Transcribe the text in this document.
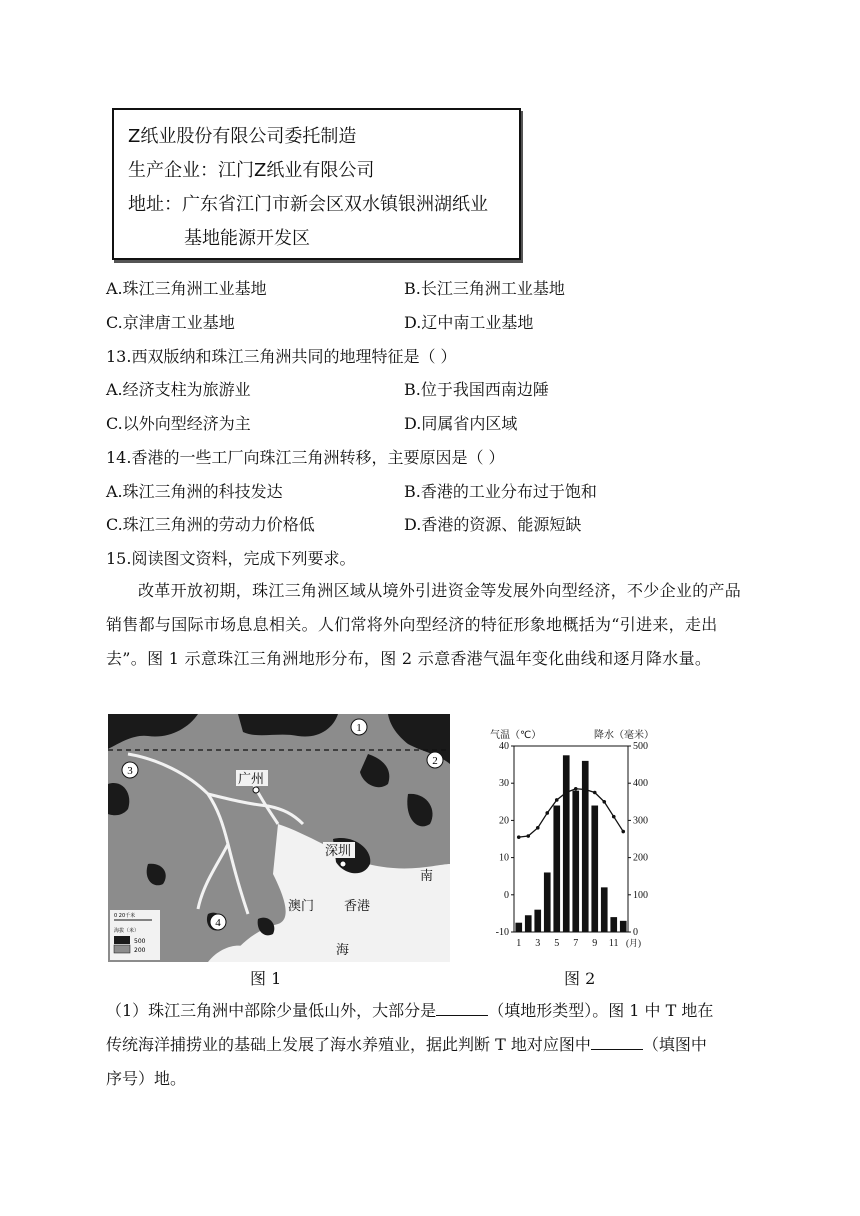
Z纸业股份有限公司委托制造
生产企业：江门Z纸业有限公司
地址：广东省江门市新会区双水镇银洲湖纸业
基地能源开发区
A.珠江三角洲工业基地	B.长江三角洲工业基地
C.京津唐工业基地	D.辽中南工业基地
13.西双版纳和珠江三角洲共同的地理特征是（ ）
A.经济支柱为旅游业	B.位于我国西南边陲
C.以外向型经济为主	D.同属省内区域
14.香港的一些工厂向珠江三角洲转移，主要原因是（ ）
A.珠江三角洲的科技发达	B.香港的工业分布过于饱和
C.珠江三角洲的劳动力价格低	D.香港的资源、能源短缺
15.阅读图文资料，完成下列要求。
改革开放初期，珠江三角洲区域从境外引进资金等发展外向型经济，不少企业的产品销售都与国际市场息息相关。人们常将外向型经济的特征形象地概括为“引进来，走出去”。图 1 示意珠江三角洲地形分布，图 2 示意香港气温年变化曲线和逐月降水量。
1
2
3
4
广州
深圳
澳门 香港
南
海
0 20千米
海拔（米）
500
200
图 1
气温（℃）	降水（毫米）
-10
0
10
20
30
40
0
100
200
300
400
500
1 3 5 7 9 11 (月)
图 2
（1）珠江三角洲中部除少量低山外，大部分是	（填地形类型）。图 1 中 T 地在
传统海洋捕捞业的基础上发展了海水养殖业，据此判断 T 地对应图中	（填图中
序号）地。
